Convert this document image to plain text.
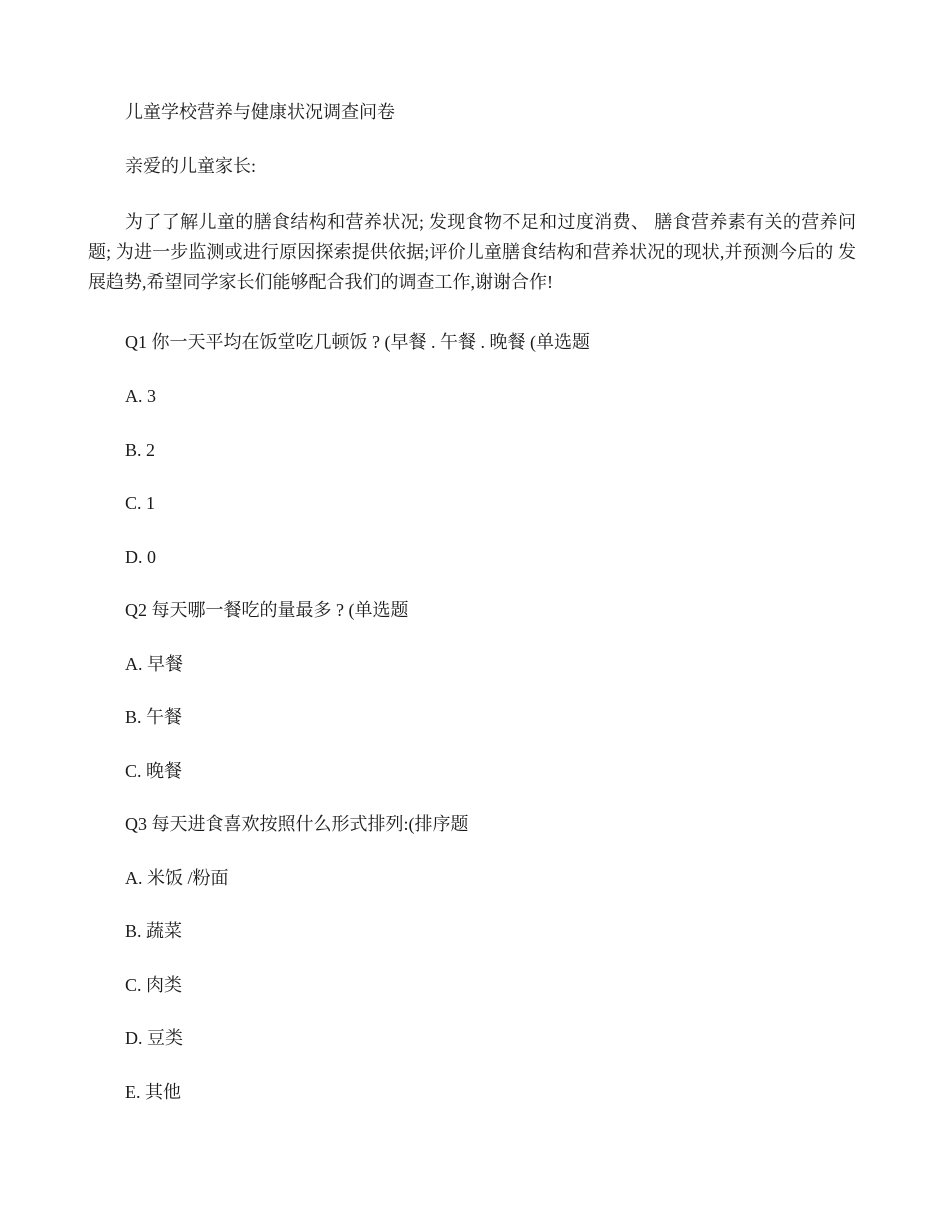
儿童学校营养与健康状况调查问卷
亲爱的儿童家长:
为了了解儿童的膳食结构和营养状况; 发现食物不足和过度消费、 膳食营养素有关的营养问题; 为进一步监测或进行原因探索提供依据;评价儿童膳食结构和营养状况的现状,并预测今后的 发展趋势,希望同学家长们能够配合我们的调查工作,谢谢合作!
Q1 你一天平均在饭堂吃几顿饭 ? (早餐 . 午餐 . 晚餐 (单选题
A. 3
B. 2
C. 1
D. 0
Q2 每天哪一餐吃的量最多 ? (单选题
A. 早餐
B. 午餐
C. 晚餐
Q3 每天进食喜欢按照什么形式排列:(排序题
A. 米饭 /粉面
B. 蔬菜
C. 肉类
D. 豆类
E. 其他
